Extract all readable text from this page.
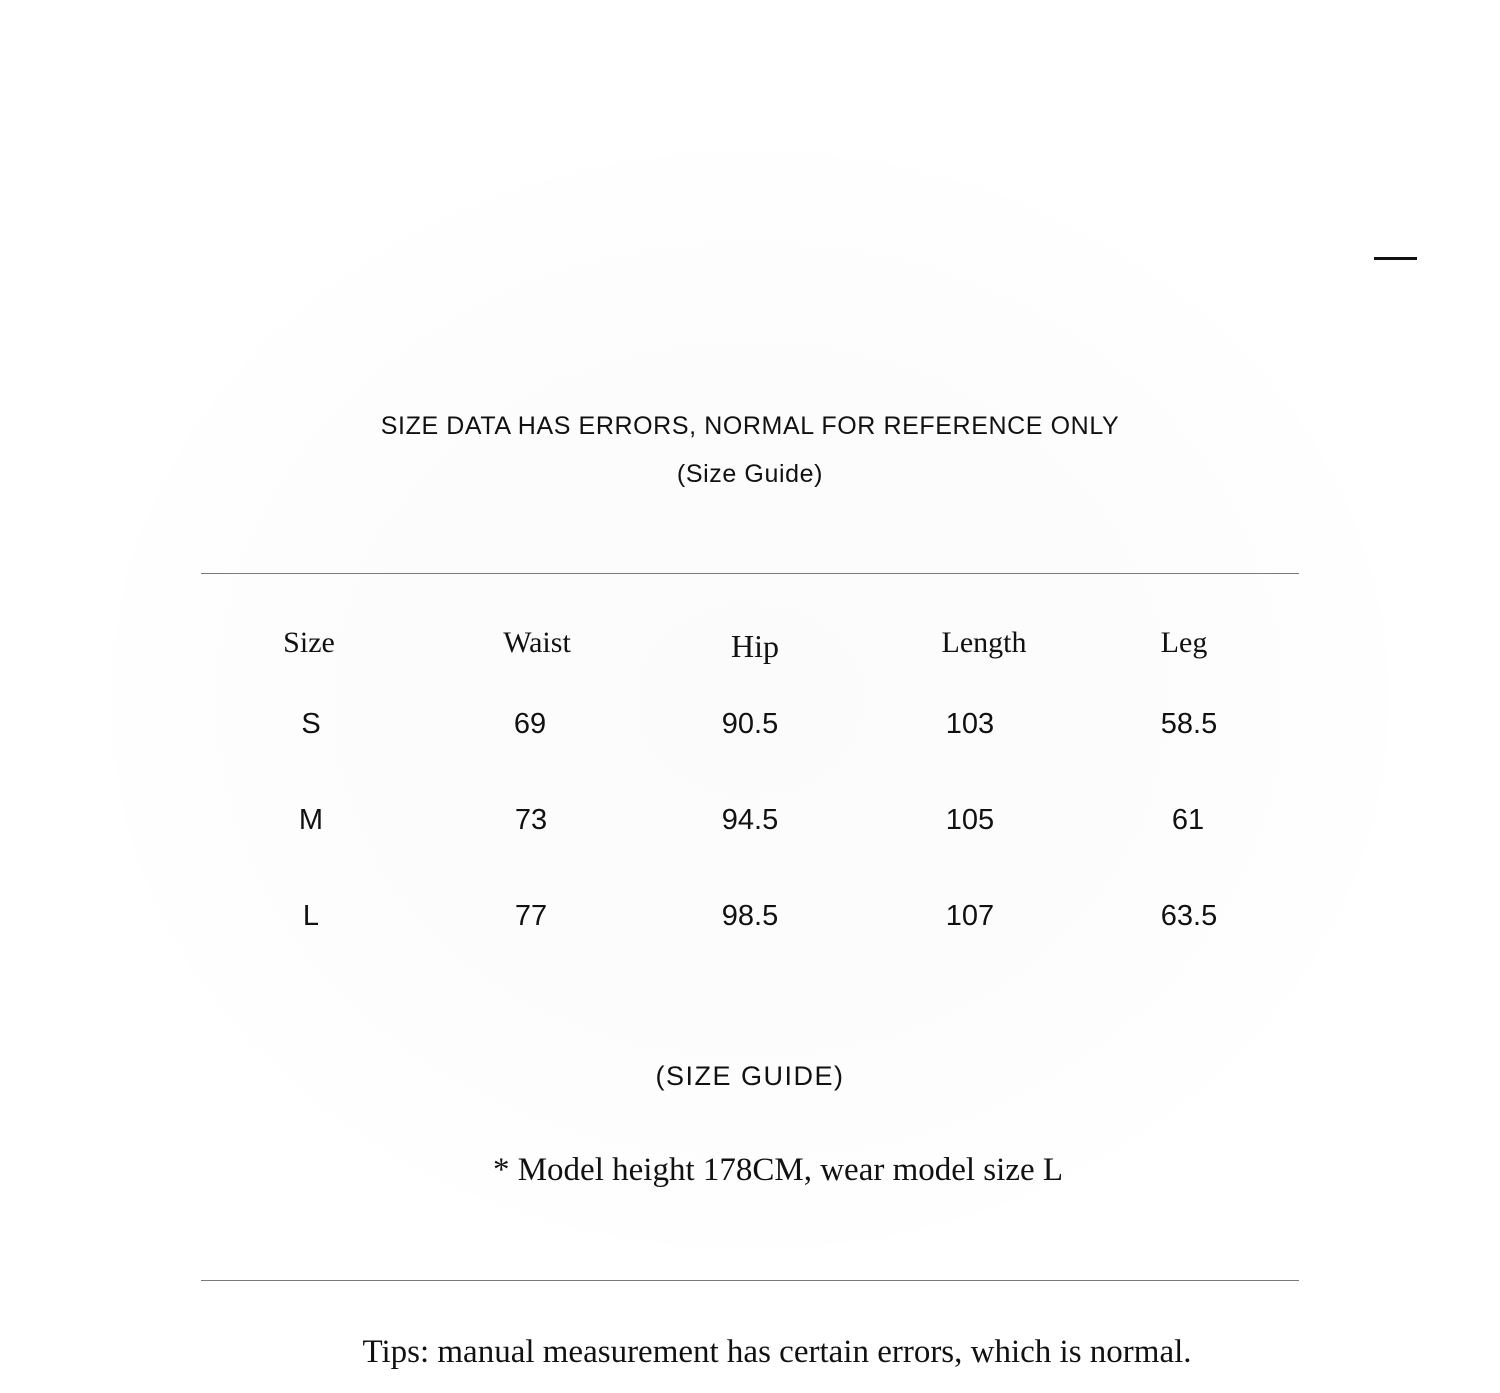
SIZE DATA HAS ERRORS, NORMAL FOR REFERENCE ONLY
(Size Guide)
Size	Waist	Hip	Length	Leg
S	69	90.5	103	58.5
M	73	94.5	105	61
L	77	98.5	107	63.5
(SIZE GUIDE)
* Model height 178CM, wear model size L
Tips: manual measurement has certain errors, which is normal.
